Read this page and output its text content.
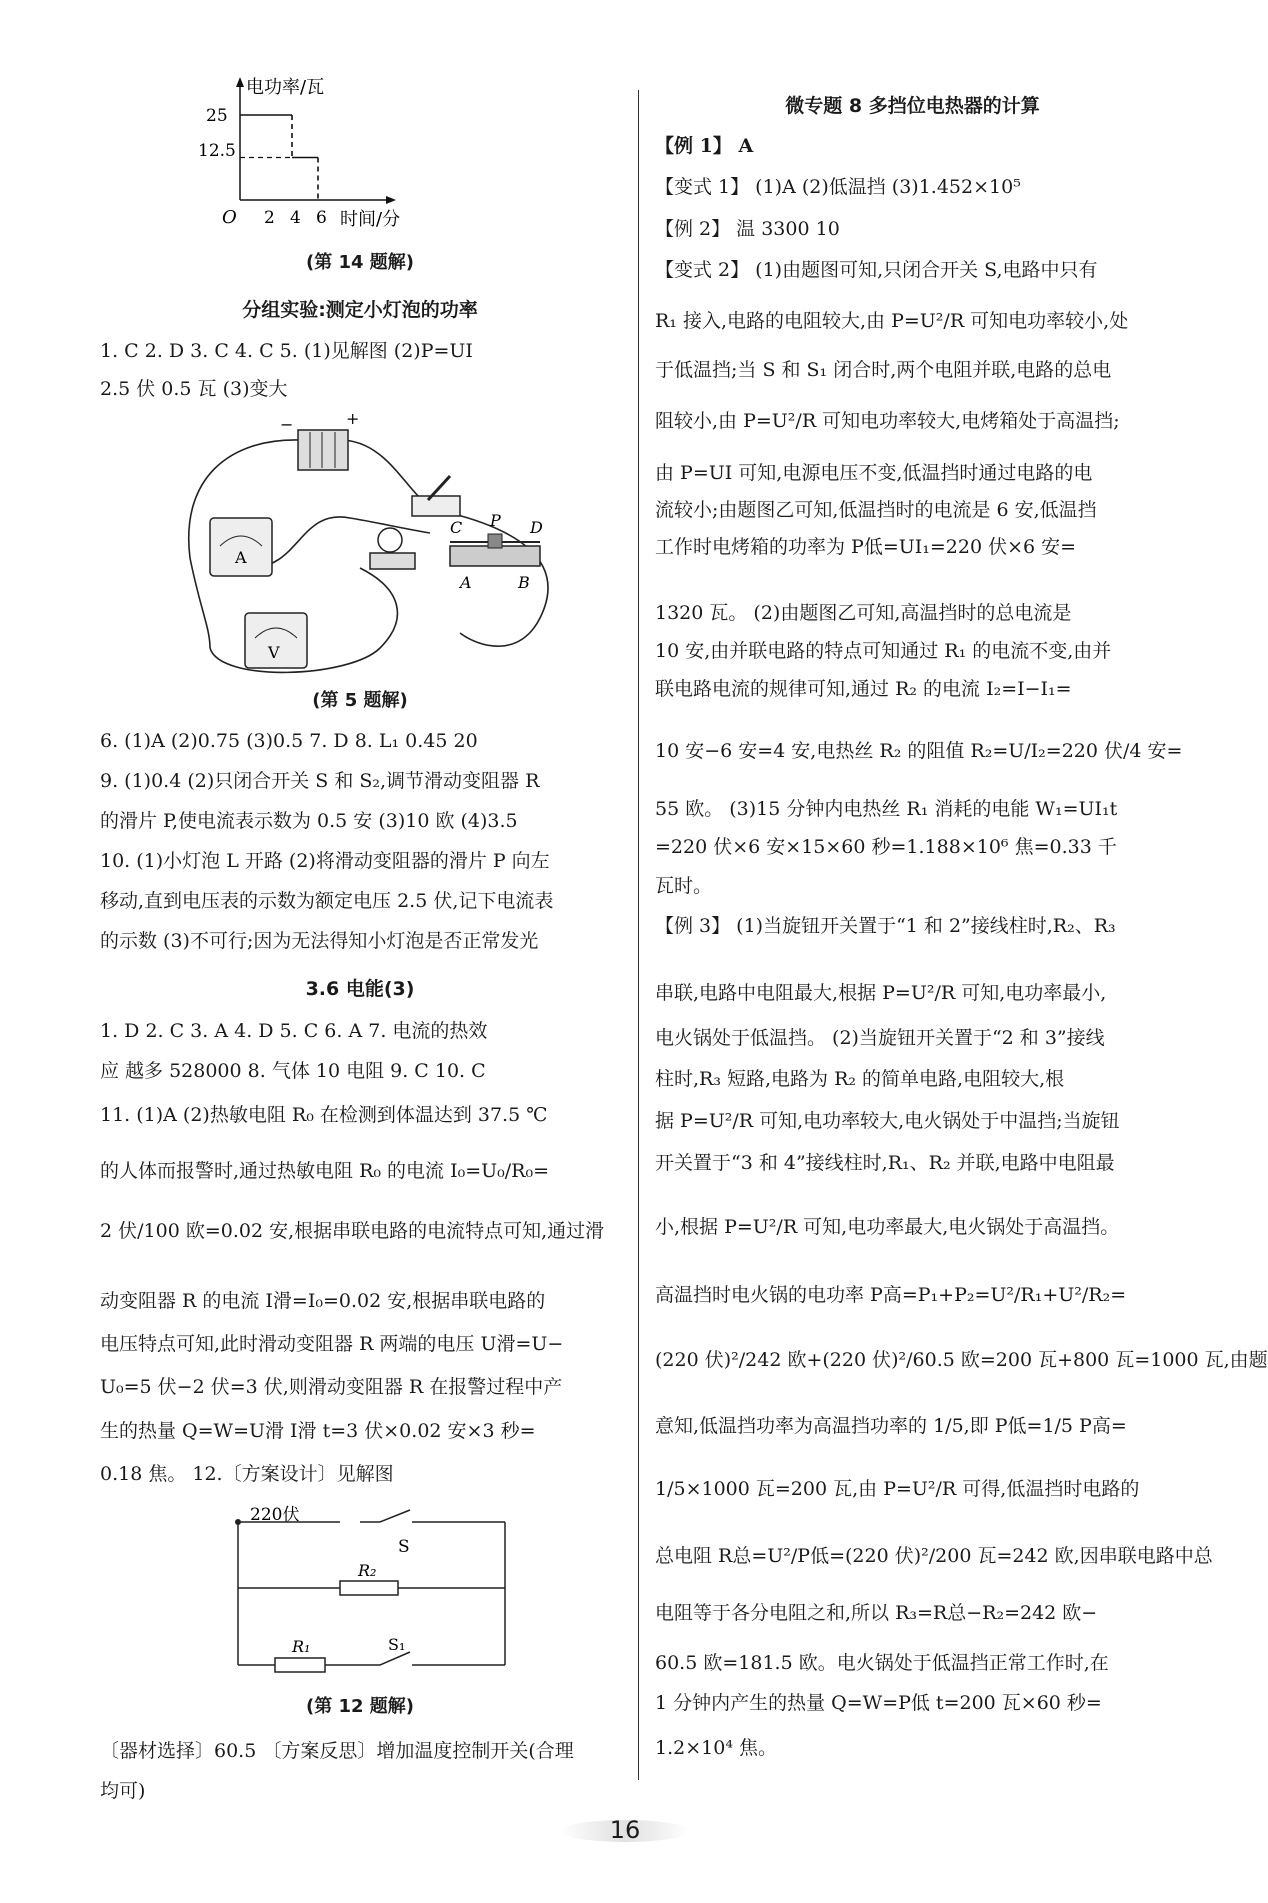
电功率/瓦
时间/分
O
25
12.5
2 4 6
(第 14 题解)
分组实验:测定小灯泡的功率
1. C 2. D 3. C 4. C 5. (1)见解图 (2)P=UI
2.5 伏 0.5 瓦 (3)变大
−	+
A
V
C P D
A	B
(第 5 题解)
6. (1)A (2)0.75 (3)0.5 7. D 8. L₁ 0.45 20
9. (1)0.4 (2)只闭合开关 S 和 S₂,调节滑动变阻器 R
的滑片 P,使电流表示数为 0.5 安 (3)10 欧 (4)3.5
10. (1)小灯泡 L 开路 (2)将滑动变阻器的滑片 P 向左
移动,直到电压表的示数为额定电压 2.5 伏,记下电流表
的示数 (3)不可行;因为无法得知小灯泡是否正常发光
3.6 电能(3)
1. D 2. C 3. A 4. D 5. C 6. A 7. 电流的热效
应 越多 528000 8. 气体 10 电阻 9. C 10. C
11. (1)A (2)热敏电阻 R₀ 在检测到体温达到 37.5 ℃
的人体而报警时,通过热敏电阻 R₀ 的电流 I₀=U₀/R₀=
2 伏/100 欧=0.02 安,根据串联电路的电流特点可知,通过滑
动变阻器 R 的电流 I滑=I₀=0.02 安,根据串联电路的
电压特点可知,此时滑动变阻器 R 两端的电压 U滑=U−
U₀=5 伏−2 伏=3 伏,则滑动变阻器 R 在报警过程中产
生的热量 Q=W=U滑 I滑 t=3 伏×0.02 安×3 秒=
0.18 焦。 12.〔方案设计〕见解图
220伏
S
R₂
R₁	S₁
(第 12 题解)
〔器材选择〕60.5 〔方案反思〕增加温度控制开关(合理
均可)
微专题 8 多挡位电热器的计算
【例 1】 A
【变式 1】 (1)A (2)低温挡 (3)1.452×10⁵
【例 2】 温 3300 10
【变式 2】 (1)由题图可知,只闭合开关 S,电路中只有
R₁ 接入,电路的电阻较大,由 P=U²/R 可知电功率较小,处
于低温挡;当 S 和 S₁ 闭合时,两个电阻并联,电路的总电
阻较小,由 P=U²/R 可知电功率较大,电烤箱处于高温挡;
由 P=UI 可知,电源电压不变,低温挡时通过电路的电
流较小;由题图乙可知,低温挡时的电流是 6 安,低温挡
工作时电烤箱的功率为 P低=UI₁=220 伏×6 安=
1320 瓦。 (2)由题图乙可知,高温挡时的总电流是
10 安,由并联电路的特点可知通过 R₁ 的电流不变,由并
联电路电流的规律可知,通过 R₂ 的电流 I₂=I−I₁=
10 安−6 安=4 安,电热丝 R₂ 的阻值 R₂=U/I₂=220 伏/4 安=
55 欧。 (3)15 分钟内电热丝 R₁ 消耗的电能 W₁=UI₁t
=220 伏×6 安×15×60 秒=1.188×10⁶ 焦=0.33 千
瓦时。
【例 3】 (1)当旋钮开关置于“1 和 2”接线柱时,R₂、R₃
串联,电路中电阻最大,根据 P=U²/R 可知,电功率最小,
电火锅处于低温挡。 (2)当旋钮开关置于“2 和 3”接线
柱时,R₃ 短路,电路为 R₂ 的简单电路,电阻较大,根
据 P=U²/R 可知,电功率较大,电火锅处于中温挡;当旋钮
开关置于“3 和 4”接线柱时,R₁、R₂ 并联,电路中电阻最
小,根据 P=U²/R 可知,电功率最大,电火锅处于高温挡。
高温挡时电火锅的电功率 P高=P₁+P₂=U²/R₁+U²/R₂=
(220 伏)²/242 欧+(220 伏)²/60.5 欧=200 瓦+800 瓦=1000 瓦,由题
意知,低温挡功率为高温挡功率的 1/5,即 P低=1/5 P高=
1/5×1000 瓦=200 瓦,由 P=U²/R 可得,低温挡时电路的
总电阻 R总=U²/P低=(220 伏)²/200 瓦=242 欧,因串联电路中总
电阻等于各分电阻之和,所以 R₃=R总−R₂=242 欧−
60.5 欧=181.5 欧。电火锅处于低温挡正常工作时,在
1 分钟内产生的热量 Q=W=P低 t=200 瓦×60 秒=
1.2×10⁴ 焦。
16
